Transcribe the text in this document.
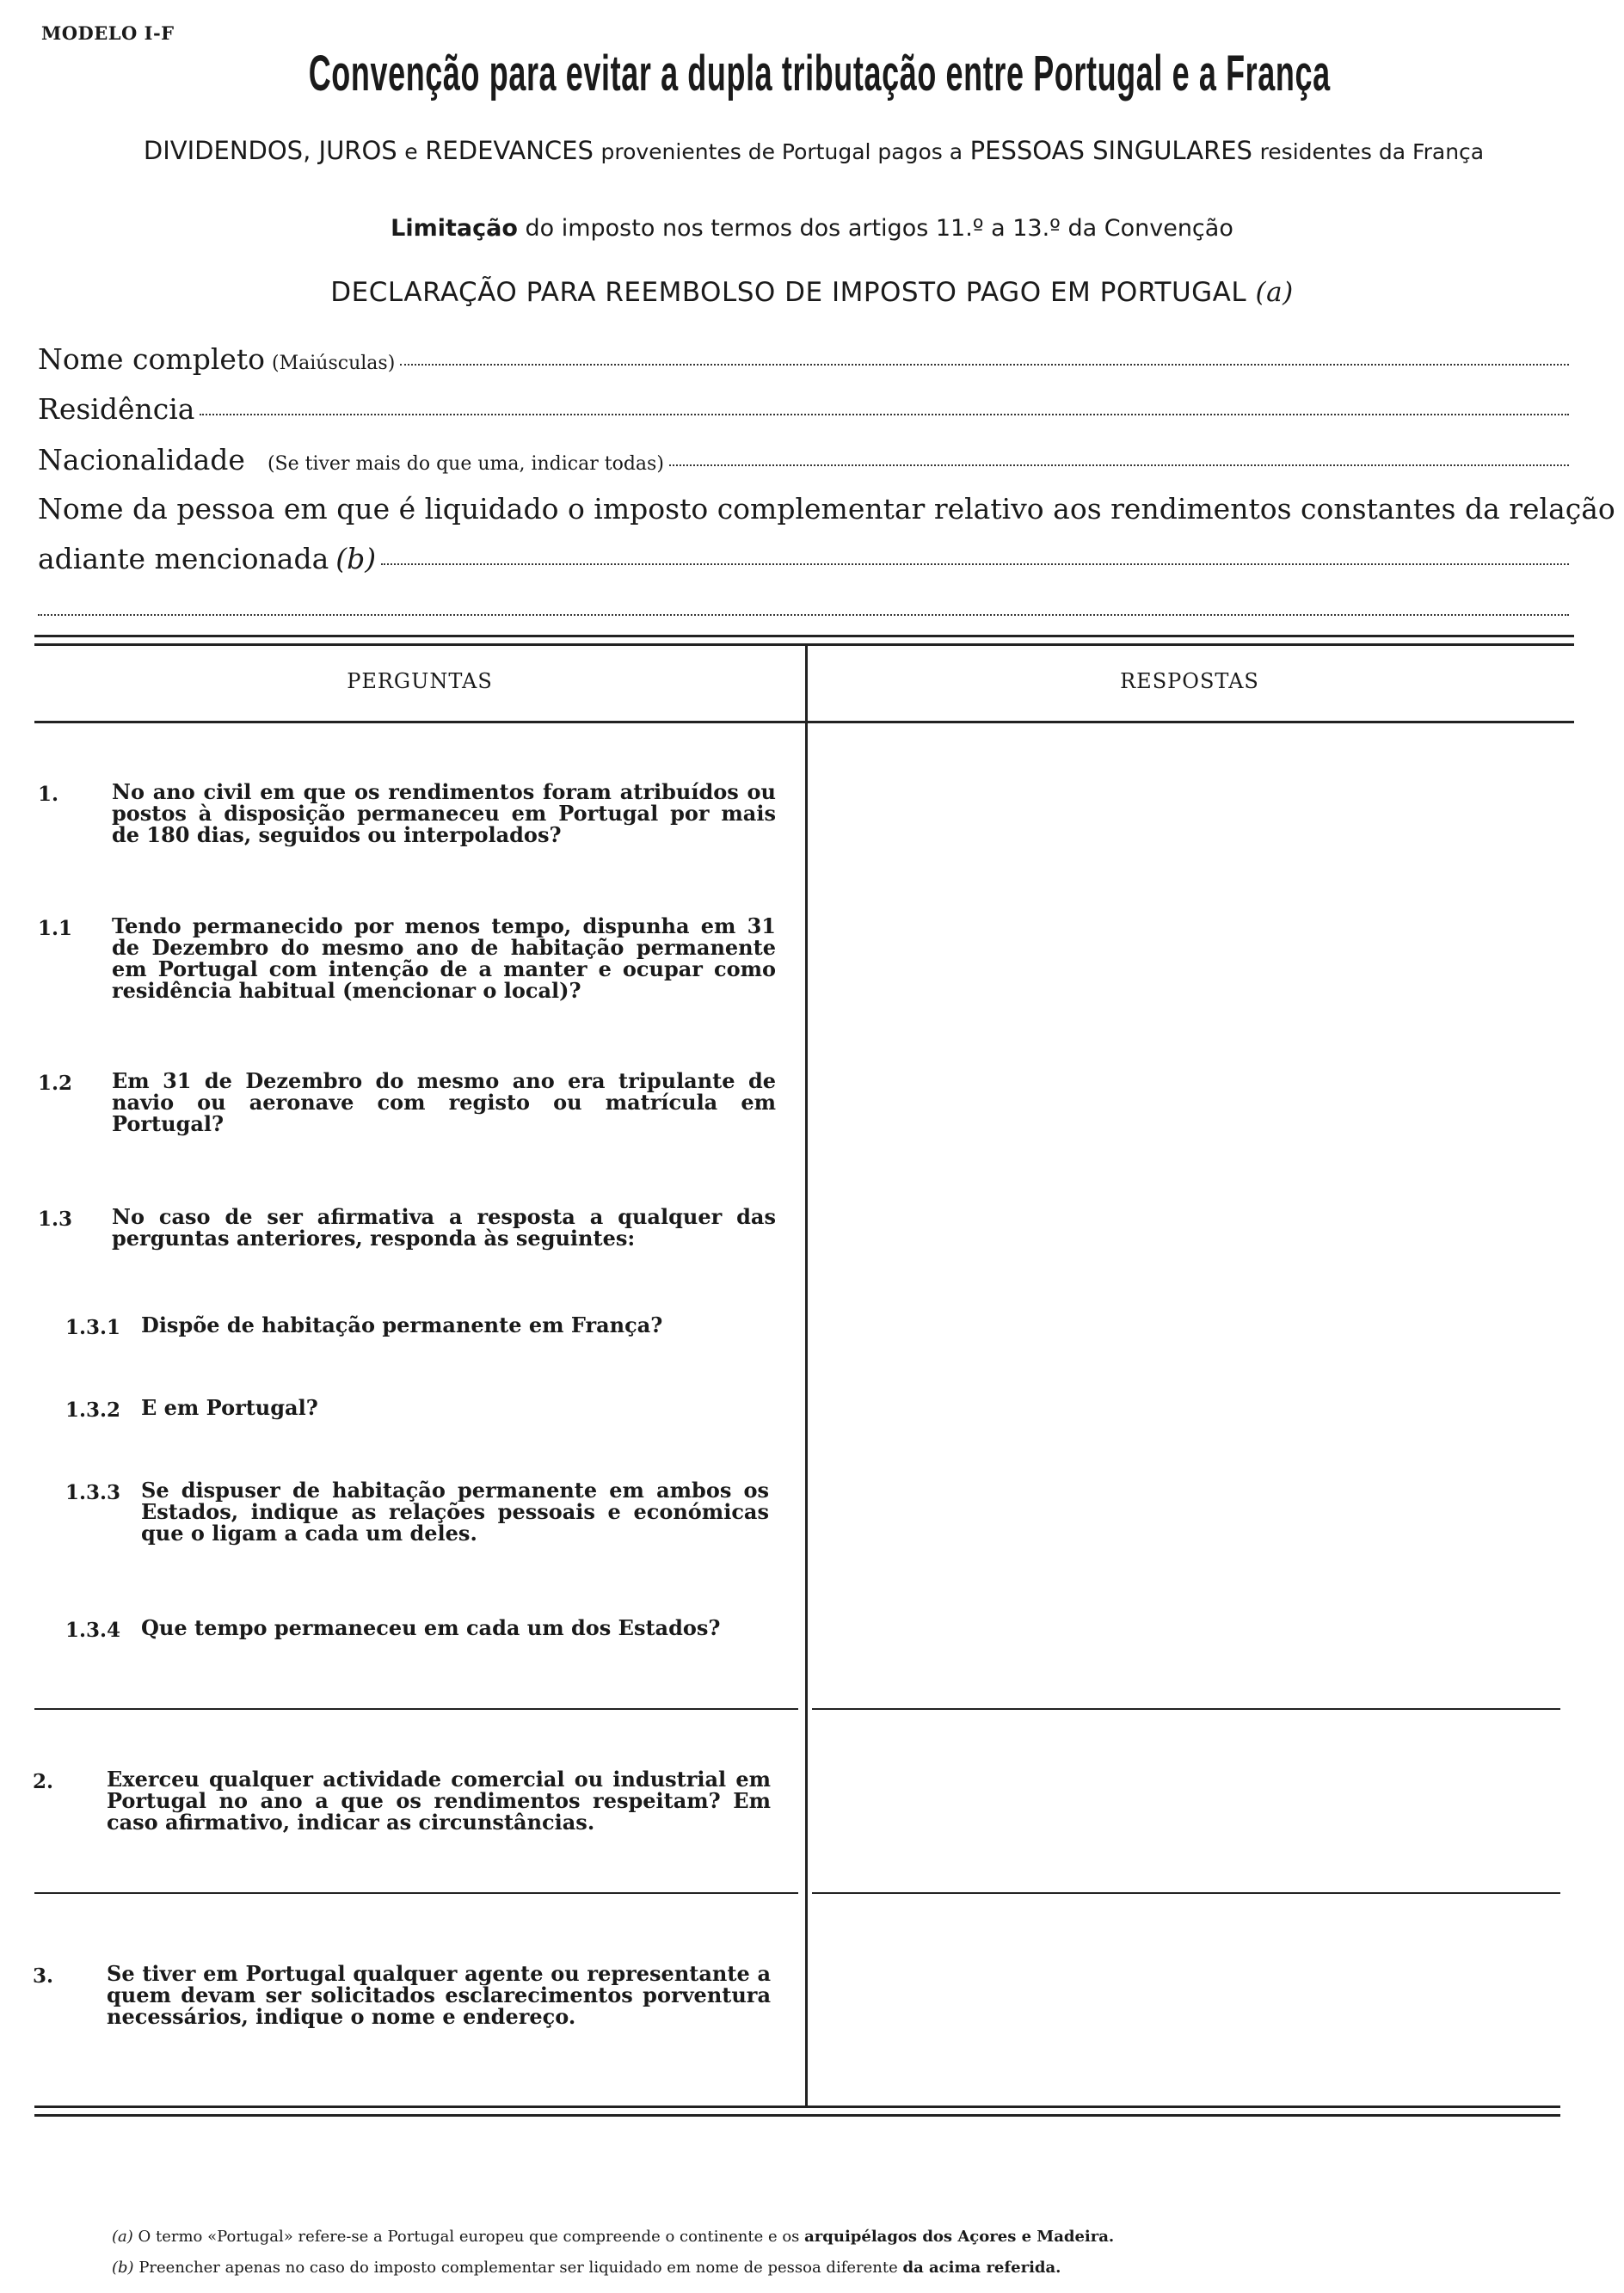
MODELO I-F
Convenção para evitar a dupla tributação entre Portugal e a França
DIVIDENDOS, JUROS e REDEVANCES provenientes de Portugal pagos a PESSOAS SINGULARES residentes da França
Limitação do imposto nos termos dos artigos 11.º a 13.º da Convenção
DECLARAÇÃO PARA REEMBOLSO DE IMPOSTO PAGO EM PORTUGAL (a)
Nome completo (Maiúsculas)
Residência
Nacionalidade (Se tiver mais do que uma, indicar todas)
Nome da pessoa em que é liquidado o imposto complementar relativo aos rendimentos constantes da relação
adiante mencionada (b)
PERGUNTAS	RESPOSTAS
1.	No ano civil em que os rendimentos foram atribuídos ou postos à disposição permaneceu em Portugal por mais de 180 dias, seguidos ou interpolados?
1.1 Tendo permanecido por menos tempo, dispunha em 31 de Dezembro do mesmo ano de habitação permanente em Portugal com intenção de a manter e ocupar como residência habitual (mencionar o local)?
1.2 Em 31 de Dezembro do mesmo ano era tripulante de navio ou aeronave com registo ou matrícula em Portugal?
1.3 No caso de ser afirmativa a resposta a qualquer das perguntas anteriores, responda às seguintes:
1.3.1 Dispõe de habitação permanente em França?
1.3.2 E em Portugal?
1.3.3 Se dispuser de habitação permanente em ambos os Estados, indique as relações pessoais e económicas que o ligam a cada um deles.
1.3.4 Que tempo permaneceu em cada um dos Estados?
2.	Exerceu qualquer actividade comercial ou industrial em Portugal no ano a que os rendimentos respeitam? Em caso afirmativo, indicar as circunstâncias.
3.	Se tiver em Portugal qualquer agente ou representante a quem devam ser solicitados esclarecimentos porventura necessários, indique o nome e endereço.
(a) O termo «Portugal» refere-se a Portugal europeu que compreende o continente e os arquipélagos dos Açores e Madeira.
(b) Preencher apenas no caso do imposto complementar ser liquidado em nome de pessoa diferente da acima referida.
